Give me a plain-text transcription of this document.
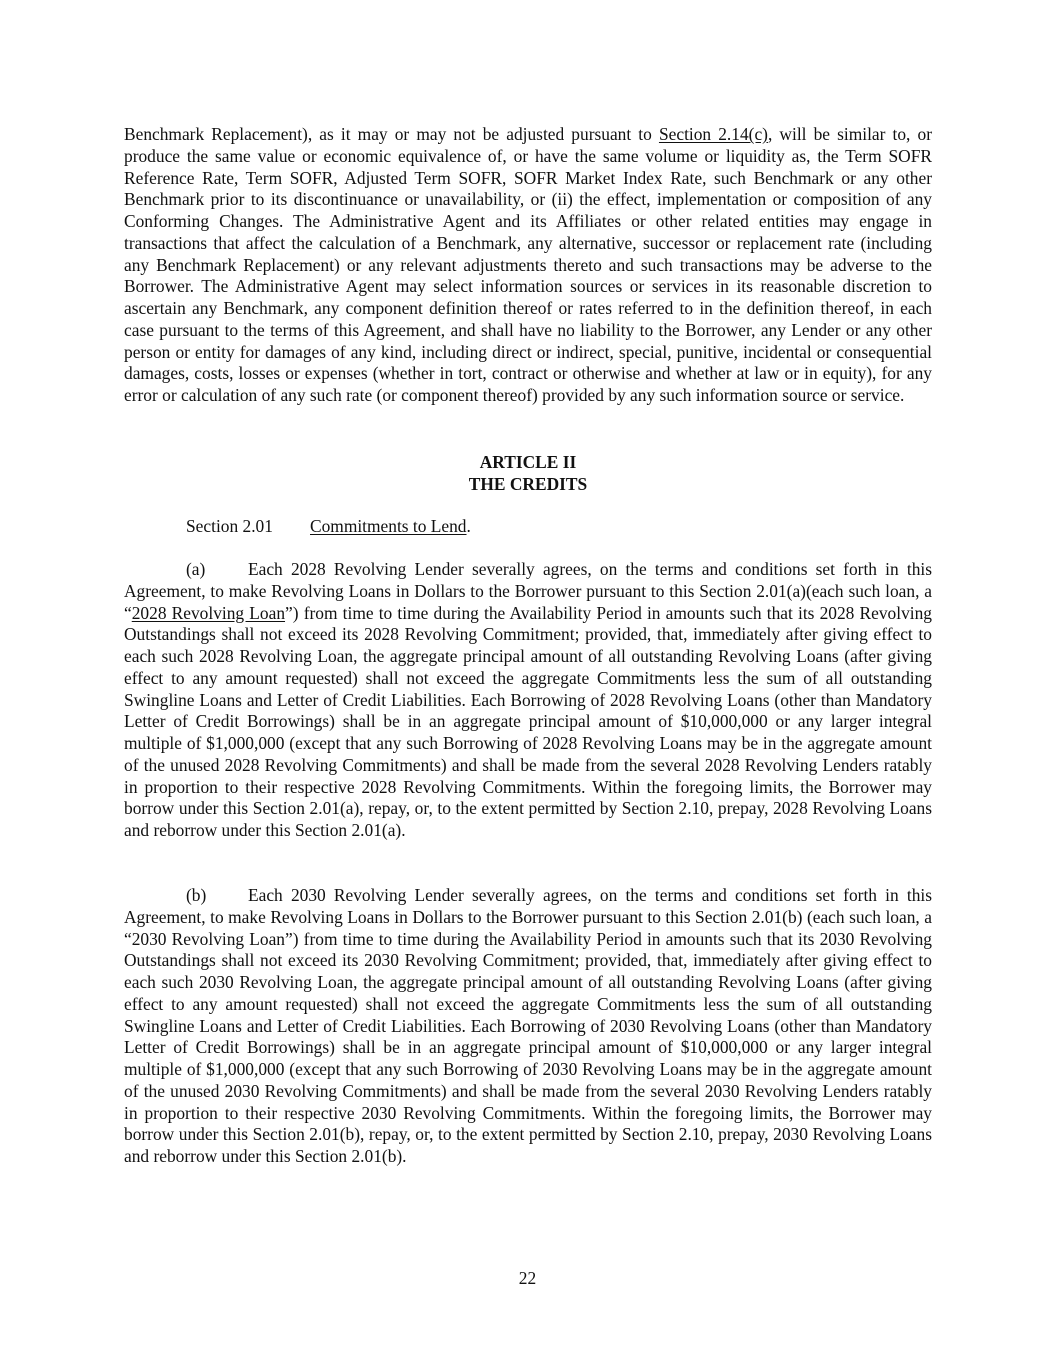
Benchmark Replacement), as it may or may not be adjusted pursuant to Section 2.14(c), will be similar to, or produce the same value or economic equivalence of, or have the same volume or liquidity as, the Term SOFR Reference Rate, Term SOFR, Adjusted Term SOFR, SOFR Market Index Rate, such Benchmark or any other Benchmark prior to its discontinuance or unavailability, or (ii) the effect, implementation or composition of any Conforming Changes. The Administrative Agent and its Affiliates or other related entities may engage in transactions that affect the calculation of a Benchmark, any alternative, successor or replacement rate (including any Benchmark Replacement) or any relevant adjustments thereto and such transactions may be adverse to the Borrower. The Administrative Agent may select information sources or services in its reasonable discretion to ascertain any Benchmark, any component definition thereof or rates referred to in the definition thereof, in each case pursuant to the terms of this Agreement, and shall have no liability to the Borrower, any Lender or any other person or entity for damages of any kind, including direct or indirect, special, punitive, incidental or consequential damages, costs, losses or expenses (whether in tort, contract or otherwise and whether at law or in equity), for any error or calculation of any such rate (or component thereof) provided by any such information source or service.

ARTICLE II
THE CREDITS
Section 2.01 Commitments to Lend.

(a) Each 2028 Revolving Lender severally agrees, on the terms and conditions set forth in this Agreement, to make Revolving Loans in Dollars to the Borrower pursuant to this Section 2.01(a)(each such loan, a “2028 Revolving Loan”) from time to time during the Availability Period in amounts such that its 2028 Revolving Outstandings shall not exceed its 2028 Revolving Commitment; provided, that, immediately after giving effect to each such 2028 Revolving Loan, the aggregate principal amount of all outstanding Revolving Loans (after giving effect to any amount requested) shall not exceed the aggregate Commitments less the sum of all outstanding Swingline Loans and Letter of Credit Liabilities. Each Borrowing of 2028 Revolving Loans (other than Mandatory Letter of Credit Borrowings) shall be in an aggregate principal amount of $10,000,000 or any larger integral multiple of $1,000,000 (except that any such Borrowing of 2028 Revolving Loans may be in the aggregate amount of the unused 2028 Revolving Commitments) and shall be made from the several 2028 Revolving Lenders ratably in proportion to their respective 2028 Revolving Commitments. Within the foregoing limits, the Borrower may borrow under this Section 2.01(a), repay, or, to the extent permitted by Section 2.10, prepay, 2028 Revolving Loans and reborrow under this Section 2.01(a).

(b) Each 2030 Revolving Lender severally agrees, on the terms and conditions set forth in this Agreement, to make Revolving Loans in Dollars to the Borrower pursuant to this Section 2.01(b) (each such loan, a “2030 Revolving Loan”) from time to time during the Availability Period in amounts such that its 2030 Revolving Outstandings shall not exceed its 2030 Revolving Commitment; provided, that, immediately after giving effect to each such 2030 Revolving Loan, the aggregate principal amount of all outstanding Revolving Loans (after giving effect to any amount requested) shall not exceed the aggregate Commitments less the sum of all outstanding Swingline Loans and Letter of Credit Liabilities. Each Borrowing of 2030 Revolving Loans (other than Mandatory Letter of Credit Borrowings) shall be in an aggregate principal amount of $10,000,000 or any larger integral multiple of $1,000,000 (except that any such Borrowing of 2030 Revolving Loans may be in the aggregate amount of the unused 2030 Revolving Commitments) and shall be made from the several 2030 Revolving Lenders ratably in proportion to their respective 2030 Revolving Commitments. Within the foregoing limits, the Borrower may borrow under this Section 2.01(b), repay, or, to the extent permitted by Section 2.10, prepay, 2030 Revolving Loans and reborrow under this Section 2.01(b).

22
